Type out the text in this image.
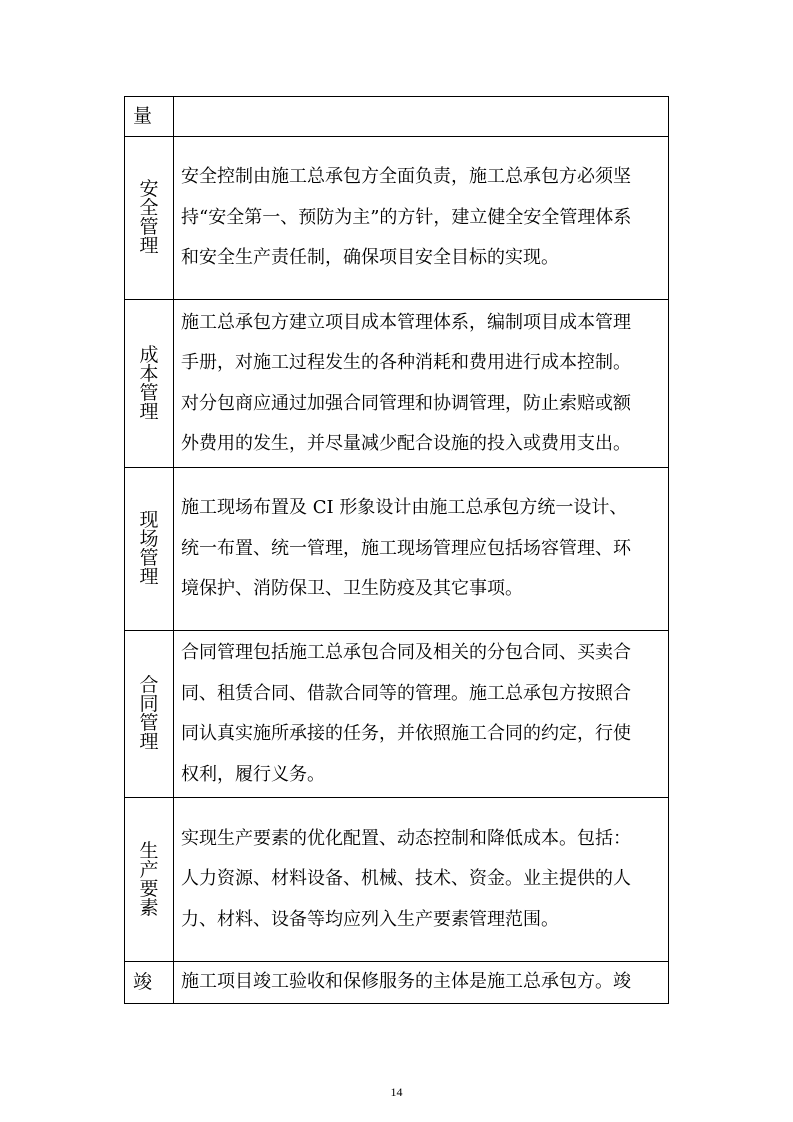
量	

安
全
管
理	安全控制由施工总承包方全面负责，施工总承包方必须坚
持“安全第一、预防为主”的方针，建立健全安全管理体系
和安全生产责任制，确保项目安全目标的实现。

成
本
管
理	施工总承包方建立项目成本管理体系，编制项目成本管理
手册，对施工过程发生的各种消耗和费用进行成本控制。
对分包商应通过加强合同管理和协调管理，防止索赔或额
外费用的发生，并尽量减少配合设施的投入或费用支出。

现
场
管
理	施工现场布置及 CI 形象设计由施工总承包方统一设计、
统一布置、统一管理，施工现场管理应包括场容管理、环
境保护、消防保卫、卫生防疫及其它事项。

合
同
管
理	合同管理包括施工总承包合同及相关的分包合同、买卖合
同、租赁合同、借款合同等的管理。施工总承包方按照合
同认真实施所承接的任务，并依照施工合同的约定，行使
权利，履行义务。

生
产
要
素	实现生产要素的优化配置、动态控制和降低成本。包括：
人力资源、材料设备、机械、技术、资金。业主提供的人
力、材料、设备等均应列入生产要素管理范围。

竣	施工项目竣工验收和保修服务的主体是施工总承包方。竣
14
